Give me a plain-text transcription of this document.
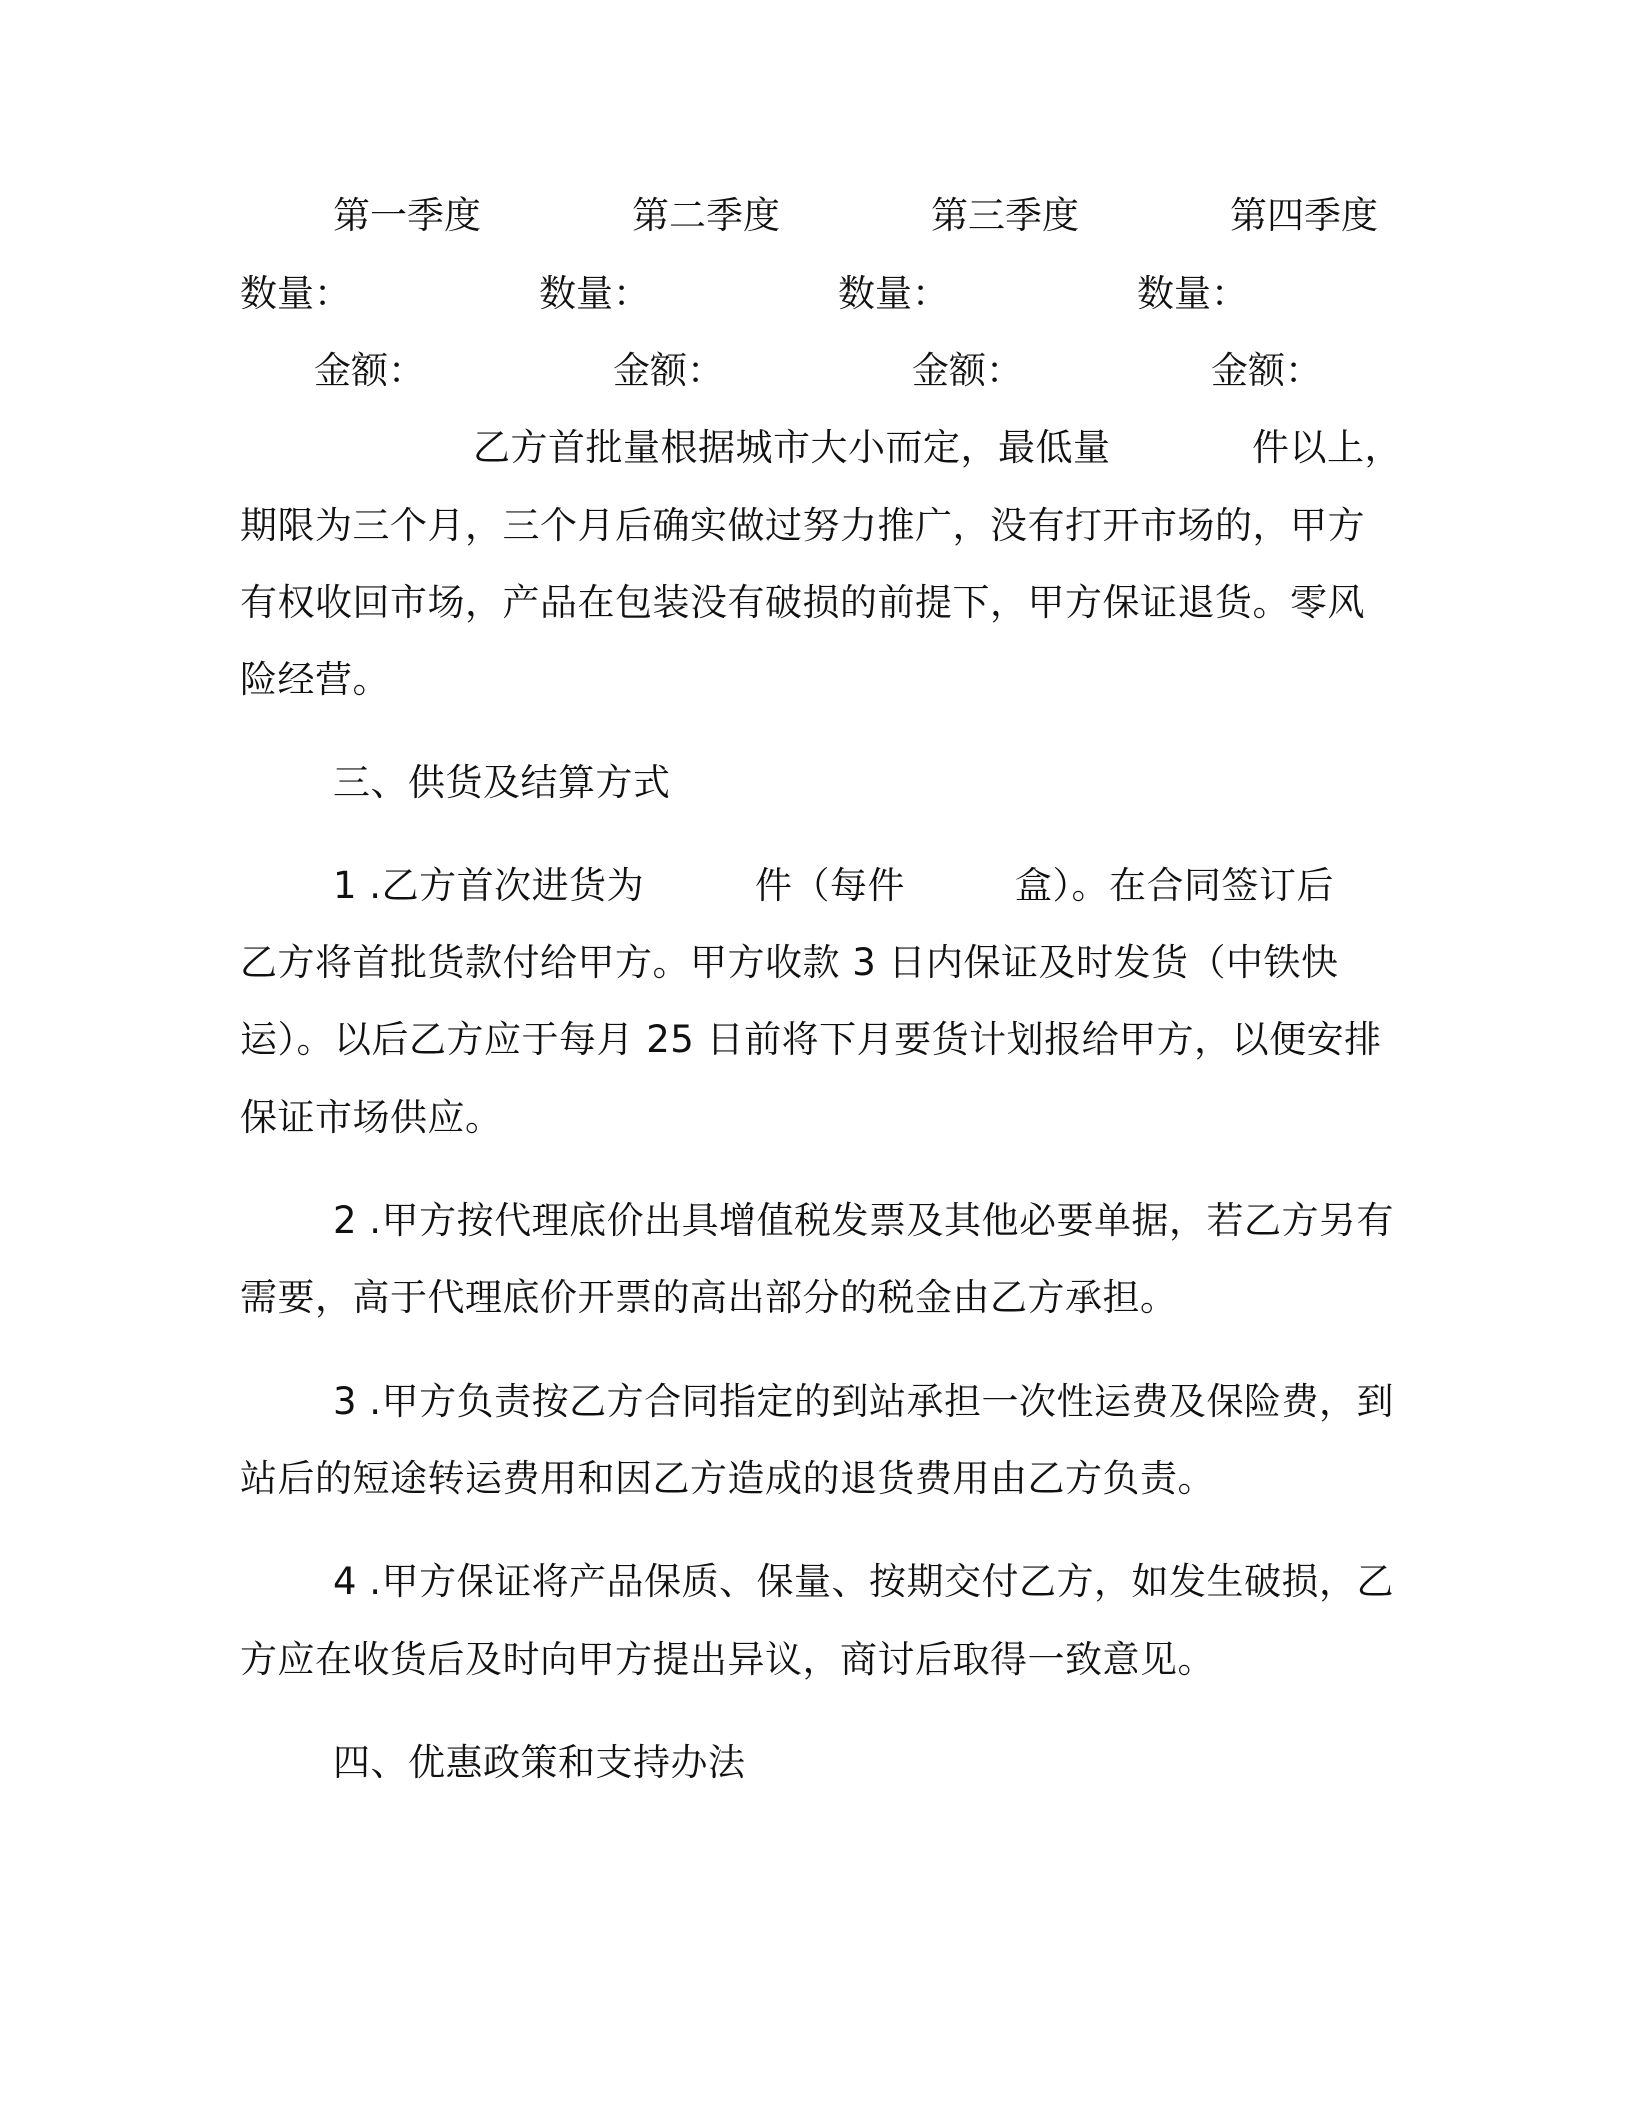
第一季度	第二季度	第三季度	第四季度
数量：	数量：	数量：	数量：
金额：	金额：	金额：	金额：
乙方首批量根据城市大小而定，最低量	件以上，
期限为三个月，三个月后确实做过努力推广，没有打开市场的，甲方
有权收回市场，产品在包装没有破损的前提下，甲方保证退货。零风
险经营。
三、供货及结算方式
1 .乙方首次进货为	件（每件	盒）。在合同签订后
乙方将首批货款付给甲方。甲方收款 3 日内保证及时发货（中铁快
运）。以后乙方应于每月 25 日前将下月要货计划报给甲方，以便安排
保证市场供应。
2 .甲方按代理底价出具增值税发票及其他必要单据，若乙方另有
需要，高于代理底价开票的高出部分的税金由乙方承担。
3 .甲方负责按乙方合同指定的到站承担一次性运费及保险费，到
站后的短途转运费用和因乙方造成的退货费用由乙方负责。
4 .甲方保证将产品保质、保量、按期交付乙方，如发生破损，乙
方应在收货后及时向甲方提出异议，商讨后取得一致意见。
四、优惠政策和支持办法
